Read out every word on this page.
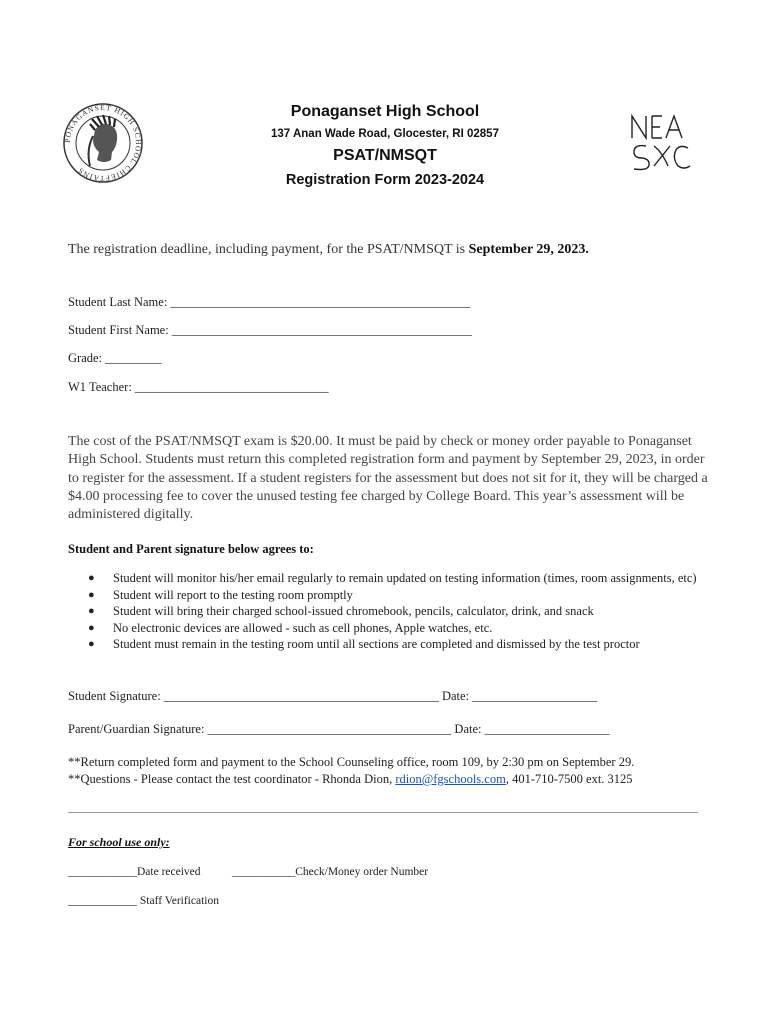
PONAGANSET HIGH SCHOOL CHIEFTAINS
Ponaganset High School
137 Anan Wade Road, Glocester, RI 02857
PSAT/NMSQT
Registration Form 2023-2024
The registration deadline, including payment, for the PSAT/NMSQT is September 29, 2023.
Student Last Name: ________________________________________________
Student First Name: ________________________________________________
Grade: _________
W1 Teacher: _______________________________
The cost of the PSAT/NMSQT exam is $20.00. It must be paid by check or money order payable to Ponaganset High School. Students must return this completed registration form and payment by September 29, 2023, in order to register for the assessment. If a student registers for the assessment but does not sit for it, they will be charged a $4.00 processing fee to cover the unused testing fee charged by College Board. This year’s assessment will be administered digitally.
Student and Parent signature below agrees to:
● Student will monitor his/her email regularly to remain updated on testing information (times, room assignments, etc)
● Student will report to the testing room promptly
● Student will bring their charged school-issued chromebook, pencils, calculator, drink, and snack
● No electronic devices are allowed - such as cell phones, Apple watches, etc.
● Student must remain in the testing room until all sections are completed and dismissed by the test proctor
Student Signature: ____________________________________________ Date: ____________________
Parent/Guardian Signature: _______________________________________ Date: ____________________
**Return completed form and payment to the School Counseling office, room 109, by 2:30 pm on September 29.
**Questions - Please contact the test coordinator - Rhonda Dion, rdion@fgschools.com, 401-710-7500 ext. 3125
For school use only:
____________Date received	___________Check/Money order Number
____________ Staff Verification
